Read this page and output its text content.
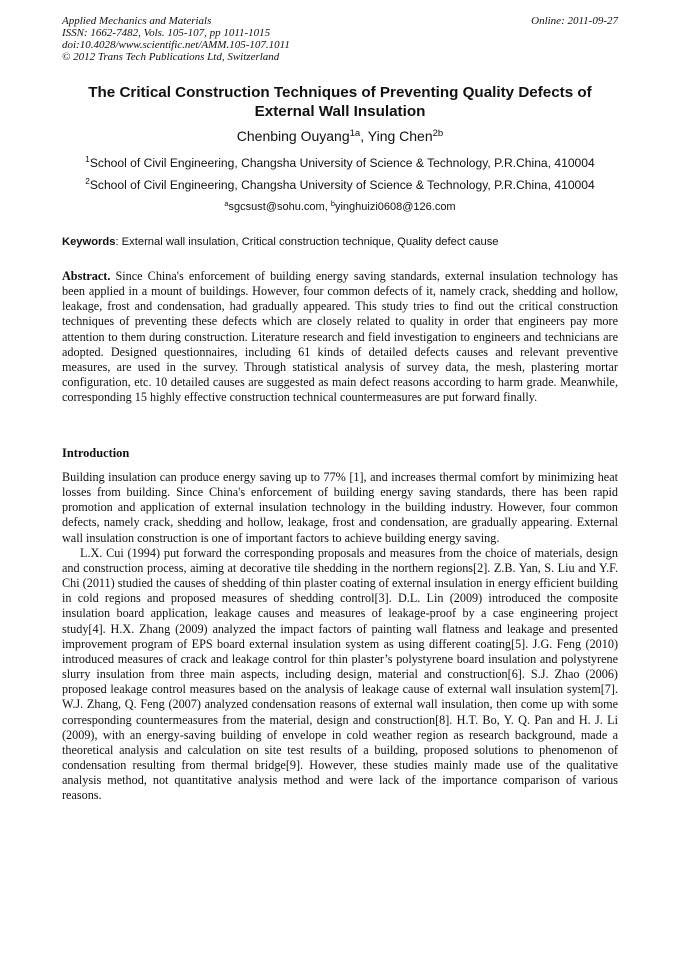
Applied Mechanics and Materials
ISSN: 1662-7482, Vols. 105-107, pp 1011-1015
doi:10.4028/www.scientific.net/AMM.105-107.1011
© 2012 Trans Tech Publications Ltd, Switzerland
Online: 2011-09-27
The Critical Construction Techniques of Preventing Quality Defects of External Wall Insulation
Chenbing Ouyang$^{1a}$, Ying Chen$^{2b}$
$^1$School of Civil Engineering, Changsha University of Science & Technology, P.R.China, 410004
$^2$School of Civil Engineering, Changsha University of Science & Technology, P.R.China, 410004
$^a$sgcsust@sohu.com, $^b$yinghuizi0608@126.com
Keywords: External wall insulation, Critical construction technique, Quality defect cause
Abstract. Since China's enforcement of building energy saving standards, external insulation technology has been applied in a mount of buildings. However, four common defects of it, namely crack, shedding and hollow, leakage, frost and condensation, had gradually appeared. This study tries to find out the critical construction techniques of preventing these defects which are closely related to quality in order that engineers pay more attention to them during construction. Literature research and field investigation to engineers and technicians are adopted. Designed questionnaires, including 61 kinds of detailed defects causes and relevant preventive measures, are used in the survey. Through statistical analysis of survey data, the mesh, plastering mortar configuration, etc. 10 detailed causes are suggested as main defect reasons according to harm grade. Meanwhile, corresponding 15 highly effective construction technical countermeasures are put forward finally.
Introduction

Building insulation can produce energy saving up to 77% [1], and increases thermal comfort by minimizing heat losses from building. Since China's enforcement of building energy saving standards, there has been rapid promotion and application of external insulation technology in the building industry. However, four common defects, namely crack, shedding and hollow, leakage, frost and condensation, are gradually appearing. External wall insulation construction is one of important factors to achieve building energy saving.

L.X. Cui (1994) put forward the corresponding proposals and measures from the choice of materials, design and construction process, aiming at decorative tile shedding in the northern regions[2]. Z.B. Yan, S. Liu and Y.F. Chi (2011) studied the causes of shedding of thin plaster coating of external insulation in energy efficient building in cold regions and proposed measures of shedding control[3]. D.L. Lin (2009) introduced the composite insulation board application, leakage causes and measures of leakage-proof by a case engineering project study[4]. H.X. Zhang (2009) analyzed the impact factors of painting wall flatness and leakage and presented improvement program of EPS board external insulation system as using different coating[5]. J.G. Feng (2010) introduced measures of crack and leakage control for thin plaster’s polystyrene board insulation and polystyrene slurry insulation from three main aspects, including design, material and construction[6]. S.J. Zhao (2006) proposed leakage control measures based on the analysis of leakage cause of external wall insulation system[7]. W.J. Zhang, Q. Feng (2007) analyzed condensation reasons of external wall insulation, then come up with some corresponding countermeasures from the material, design and construction[8]. H.T. Bo, Y. Q. Pan and H. J. Li (2009), with an energy-saving building of envelope in cold weather region as research background, made a theoretical analysis and calculation on site test results of a building, proposed solutions to phenomenon of condensation resulting from thermal bridge[9]. However, these studies mainly made use of the qualitative analysis method, not quantitative analysis method and were lack of the importance comparison of various reasons.
